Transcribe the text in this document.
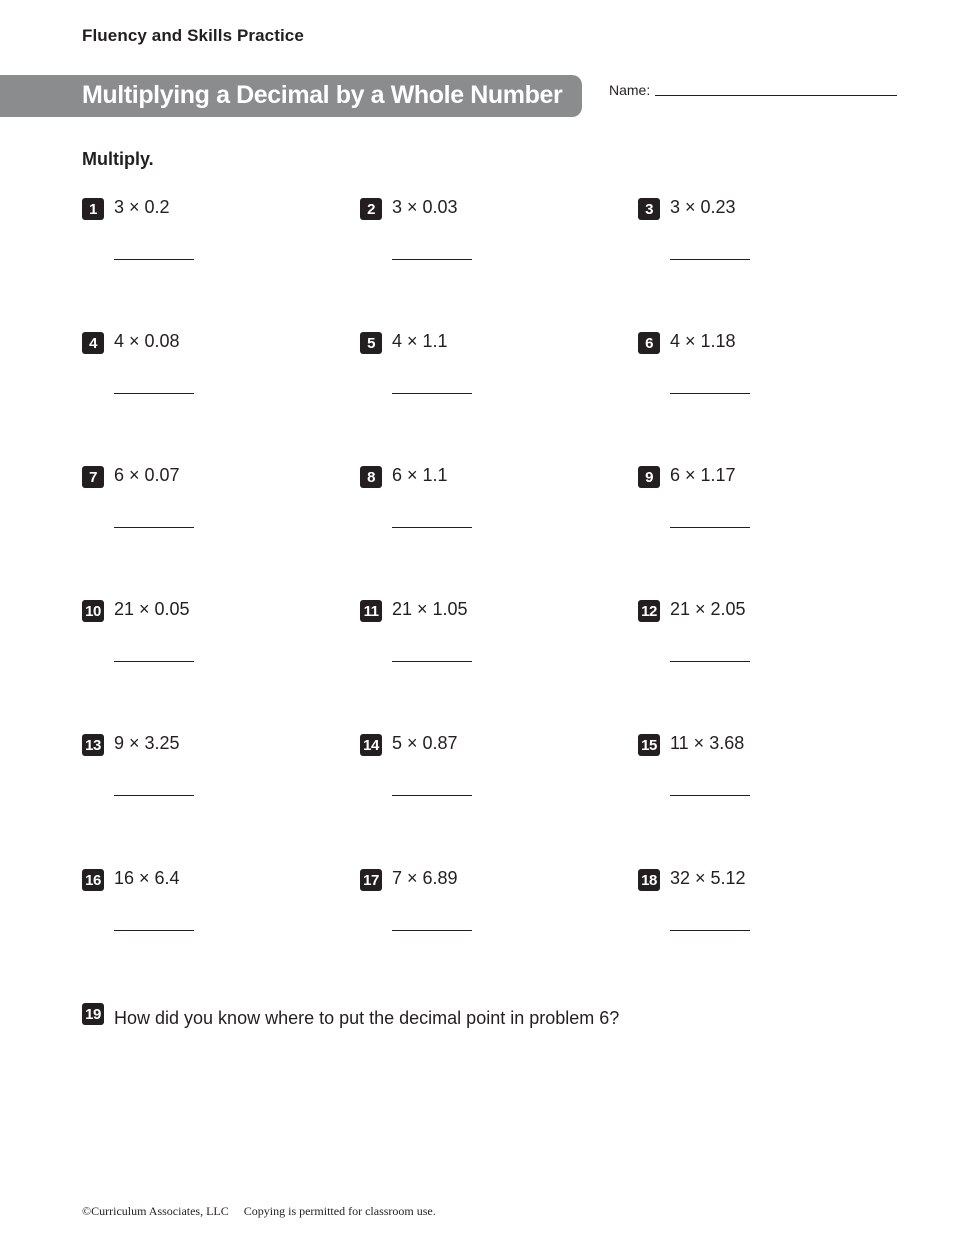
Fluency and Skills Practice
Multiplying a Decimal by a Whole Number	Name:
Multiply.
1 3 × 0.2	2 3 × 0.03	3 3 × 0.23
4 4 × 0.08	5 4 × 1.1	6 4 × 1.18
7 6 × 0.07	8 6 × 1.1	9 6 × 1.17
10 21 × 0.05	11 21 × 1.05	12 21 × 2.05
13 9 × 3.25	14 5 × 0.87	15 11 × 3.68
16 16 × 6.4	17 7 × 6.89	18 32 × 5.12
19 How did you know where to put the decimal point in problem 6?
©Curriculum Associates, LLC Copying is permitted for classroom use.
